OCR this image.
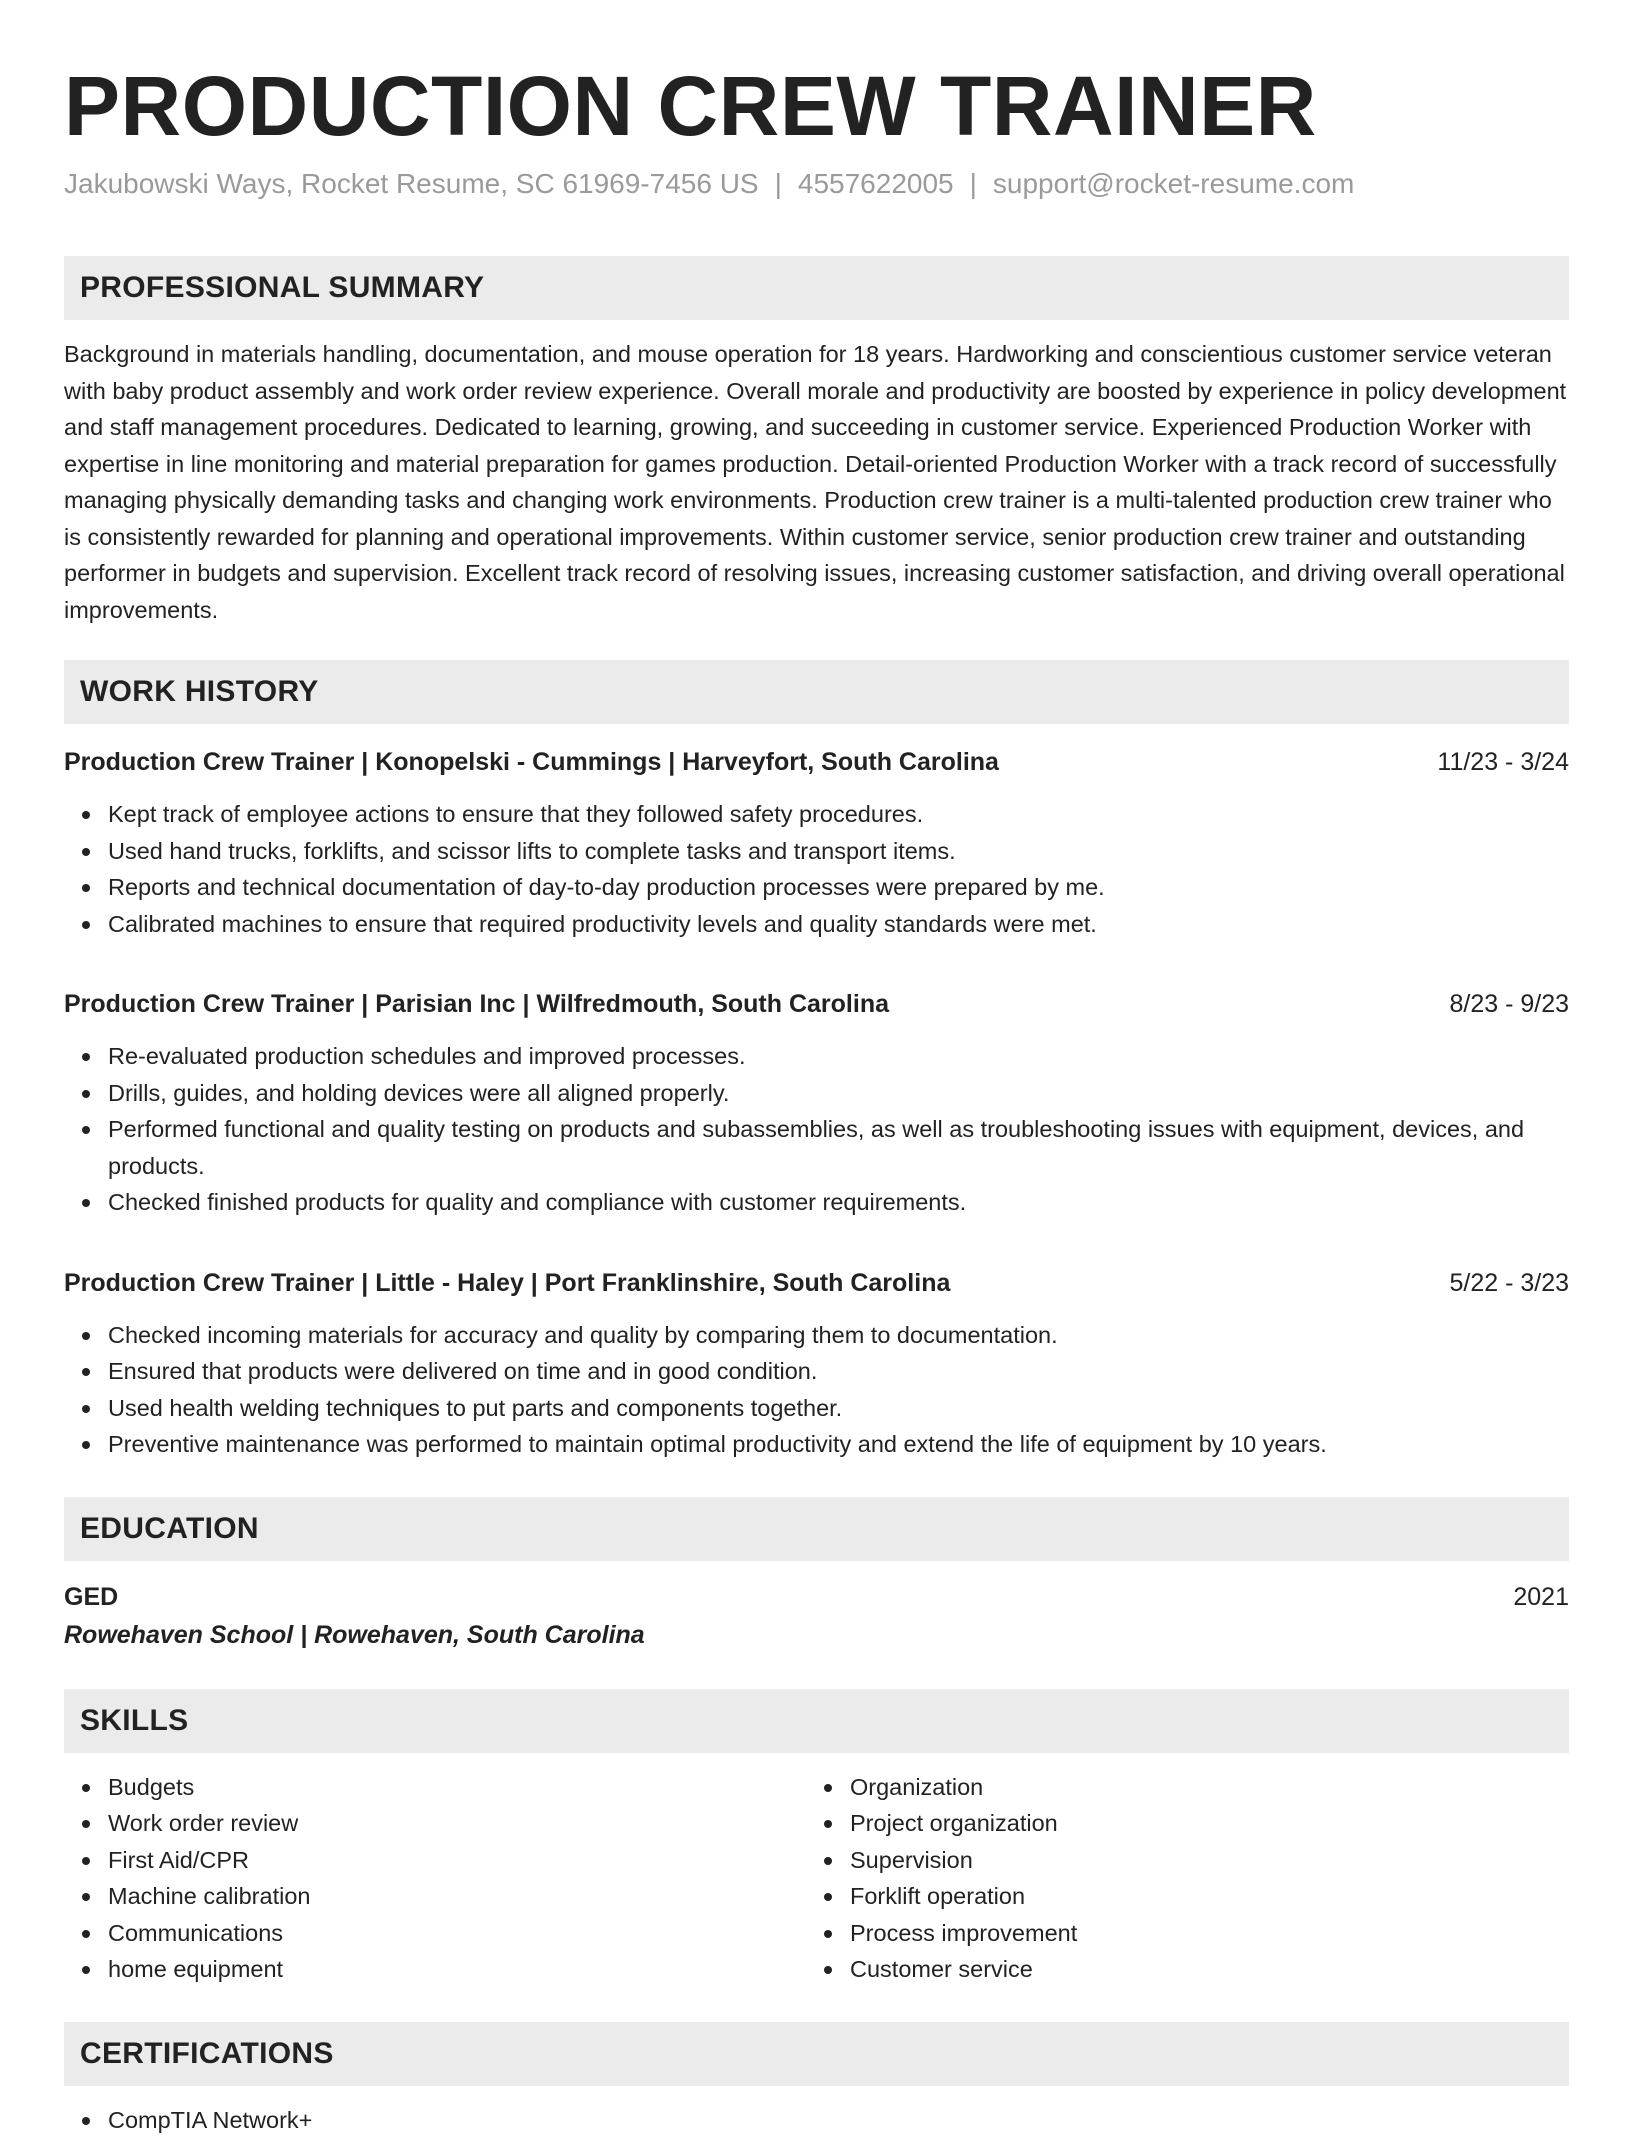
PRODUCTION CREW TRAINER
Jakubowski Ways, Rocket Resume, SC 61969-7456 US | 4557622005 | support@rocket-resume.com
PROFESSIONAL SUMMARY

Background in materials handling, documentation, and mouse operation for 18 years. Hardworking and conscientious customer service veteran with baby product assembly and work order review experience. Overall morale and productivity are boosted by experience in policy development and staff management procedures. Dedicated to learning, growing, and succeeding in customer service. Experienced Production Worker with expertise in line monitoring and material preparation for games production. Detail-oriented Production Worker with a track record of successfully managing physically demanding tasks and changing work environments. Production crew trainer is a multi-talented production crew trainer who is consistently rewarded for planning and operational improvements. Within customer service, senior production crew trainer and outstanding performer in budgets and supervision. Excellent track record of resolving issues, increasing customer satisfaction, and driving overall operational improvements.

WORK HISTORY
Production Crew Trainer | Konopelski - Cummings | Harveyfort, South Carolina	11/23 - 3/24
Kept track of employee actions to ensure that they followed safety procedures.
Used hand trucks, forklifts, and scissor lifts to complete tasks and transport items.
Reports and technical documentation of day-to-day production processes were prepared by me.
Calibrated machines to ensure that required productivity levels and quality standards were met.
Production Crew Trainer | Parisian Inc | Wilfredmouth, South Carolina	8/23 - 9/23
Re-evaluated production schedules and improved processes.
Drills, guides, and holding devices were all aligned properly.
Performed functional and quality testing on products and subassemblies, as well as troubleshooting issues with equipment, devices, and products.
Checked finished products for quality and compliance with customer requirements.
Production Crew Trainer | Little - Haley | Port Franklinshire, South Carolina	5/22 - 3/23
Checked incoming materials for accuracy and quality by comparing them to documentation.
Ensured that products were delivered on time and in good condition.
Used health welding techniques to put parts and components together.
Preventive maintenance was performed to maintain optimal productivity and extend the life of equipment by 10 years.
EDUCATION
GED	2021
Rowehaven School | Rowehaven, South Carolina
SKILLS
Budgets
Work order review
First Aid/CPR
Machine calibration
Communications
home equipment
Organization
Project organization
Supervision
Forklift operation
Process improvement
Customer service
CERTIFICATIONS
CompTIA Network+
